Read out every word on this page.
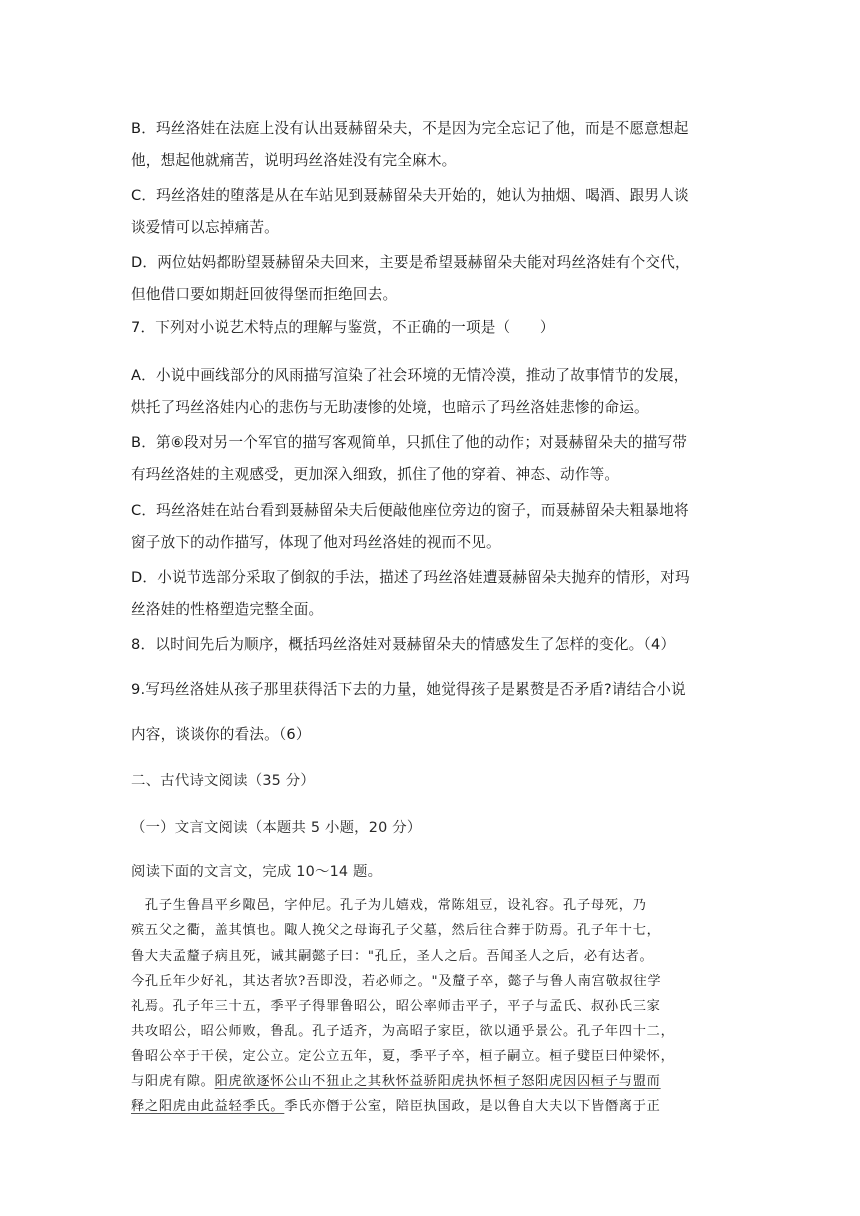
B．玛丝洛娃在法庭上没有认出聂赫留朵夫，不是因为完全忘记了他，而是不愿意想起
他，想起他就痛苦，说明玛丝洛娃没有完全麻木。
C．玛丝洛娃的堕落是从在车站见到聂赫留朵夫开始的，她认为抽烟、喝酒、跟男人谈
谈爱情可以忘掉痛苦。
D．两位姑妈都盼望聂赫留朵夫回来，主要是希望聂赫留朵夫能对玛丝洛娃有个交代，
但他借口要如期赶回彼得堡而拒绝回去。
7．下列对小说艺术特点的理解与鉴赏，不正确的一项是（　　）
A．小说中画线部分的风雨描写渲染了社会环境的无情冷漠，推动了故事情节的发展，
烘托了玛丝洛娃内心的悲伤与无助凄惨的处境，也暗示了玛丝洛娃悲惨的命运。
B．第⑥段对另一个军官的描写客观简单，只抓住了他的动作；对聂赫留朵夫的描写带
有玛丝洛娃的主观感受，更加深入细致，抓住了他的穿着、神态、动作等。
C．玛丝洛娃在站台看到聂赫留朵夫后便敲他座位旁边的窗子，而聂赫留朵夫粗暴地将
窗子放下的动作描写，体现了他对玛丝洛娃的视而不见。
D．小说节选部分采取了倒叙的手法，描述了玛丝洛娃遭聂赫留朵夫抛弃的情形，对玛
丝洛娃的性格塑造完整全面。
8．以时间先后为顺序，概括玛丝洛娃对聂赫留朵夫的情感发生了怎样的变化。（4）
9.写玛丝洛娃从孩子那里获得活下去的力量，她觉得孩子是累赘是否矛盾?请结合小说
内容，谈谈你的看法。（6）
二、古代诗文阅读（35 分）
（一）文言文阅读（本题共 5 小题，20 分）
阅读下面的文言文，完成 10～14 题。
　孔子生鲁昌平乡陬邑，字仲尼。孔子为儿嬉戏，常陈俎豆，设礼容。孔子母死，乃
殡五父之衢，盖其慎也。陬人挽父之母诲孔子父墓，然后往合葬于防焉。孔子年十七，
鲁大夫孟釐子病且死，诫其嗣懿子曰："孔丘，圣人之后。吾闻圣人之后，必有达者。
今孔丘年少好礼，其达者欤?吾即没，若必师之。"及釐子卒，懿子与鲁人南宫敬叔往学
礼焉。孔子年三十五，季平子得罪鲁昭公，昭公率师击平子，平子与孟氏、叔孙氏三家
共攻昭公，昭公师败，鲁乱。孔子适齐，为高昭子家臣，欲以通乎景公。孔子年四十二，
鲁昭公卒于干侯，定公立。定公立五年，夏，季平子卒，桓子嗣立。桓子嬖臣曰仲梁怀，
与阳虎有隙。阳虎欲逐怀公山不狃止之其秋怀益骄阳虎执怀桓子怒阳虎因囚桓子与盟而
释之阳虎由此益轻季氏。季氏亦僭于公室，陪臣执国政，是以鲁自大夫以下皆僭离于正
